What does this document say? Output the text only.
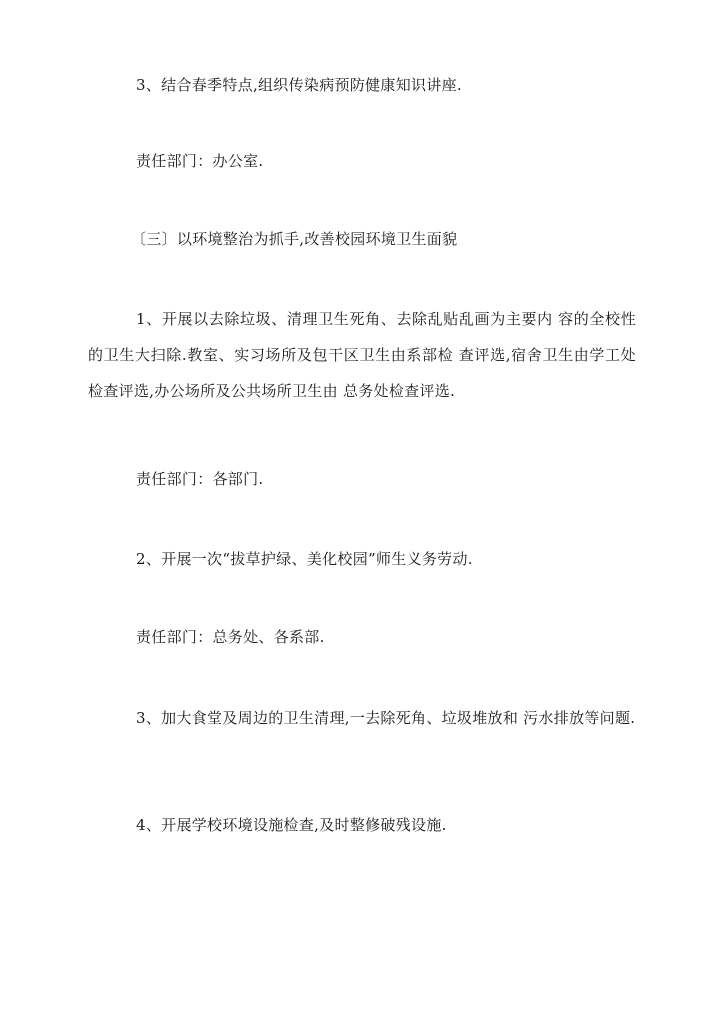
3、结合春季特点,组织传染病预防健康知识讲座.

责任部门：办公室.

〔三〕以环境整治为抓手,改善校园环境卫生面貌

1、开展以去除垃圾、清理卫生死角、去除乱贴乱画为主要内 容的全校性的卫生大扫除.教室、实习场所及包干区卫生由系部检 查评选,宿舍卫生由学工处检查评选,办公场所及公共场所卫生由 总务处检查评选.

责任部门：各部门.

2、开展一次“拔草护绿、美化校园”师生义务劳动.

责任部门：总务处、各系部.

3、加大食堂及周边的卫生清理,一去除死角、垃圾堆放和 污水排放等问题.

4、开展学校环境设施检查,及时整修破残设施.
